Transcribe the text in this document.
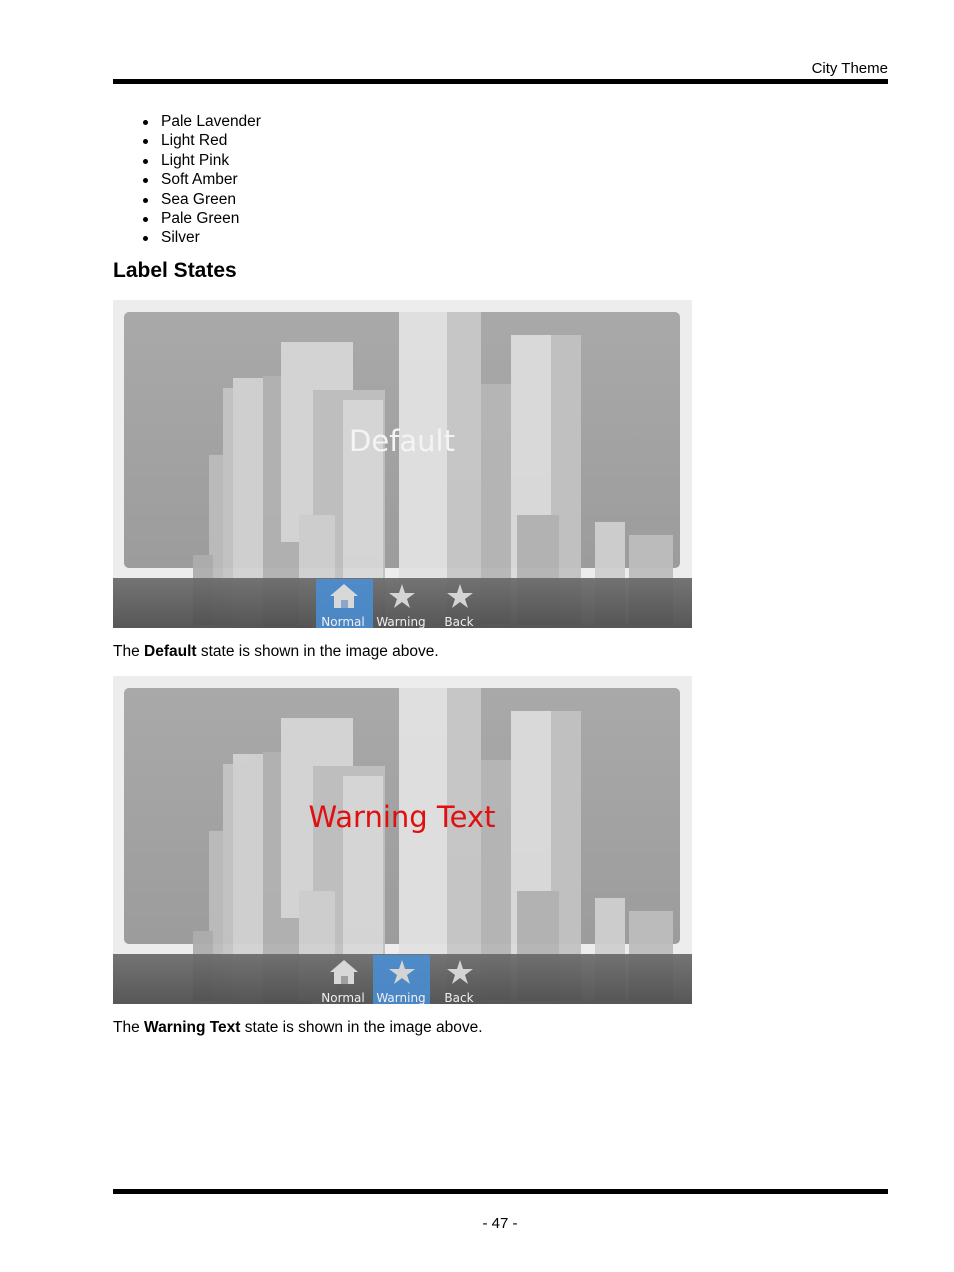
City Theme
Pale Lavender
Light Red
Light Pink
Soft Amber
Sea Green
Pale Green
Silver
Label States
Normal Warning Back
Default
The Default state is shown in the image above.
Normal Warning Back
Warning Text
The Warning Text state is shown in the image above.
- 47 -
